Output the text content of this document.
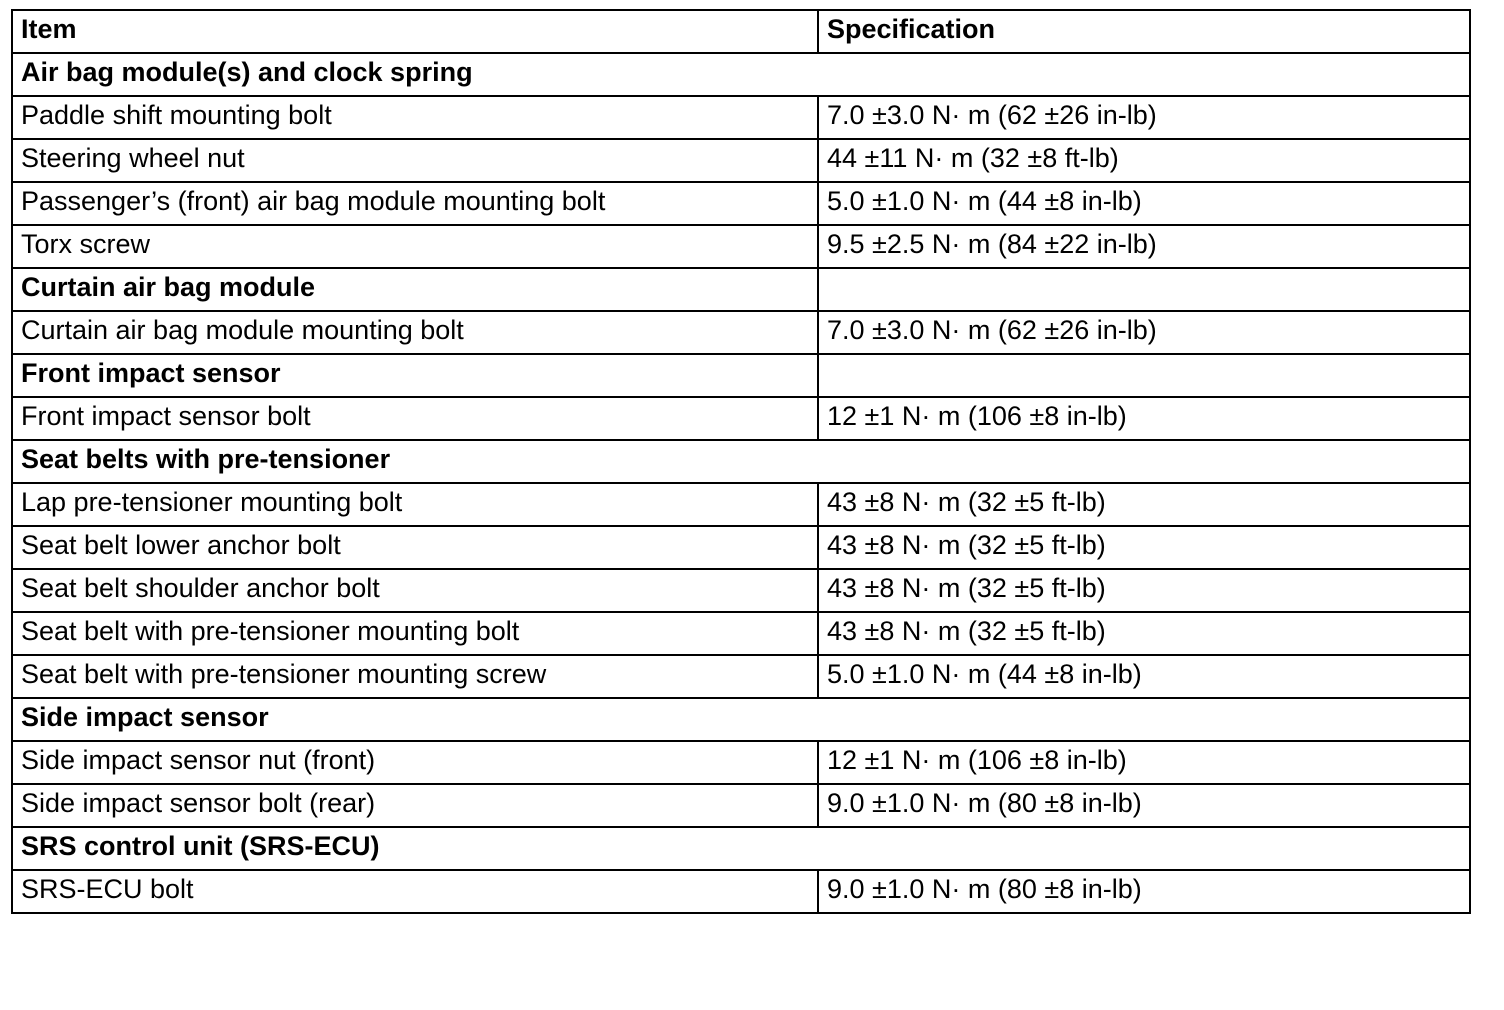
Item	Specification
Air bag module(s) and clock spring	
Paddle shift mounting bolt	7.0 ±3.0 N· m (62 ±26 in-lb)
Steering wheel nut	44 ±11 N· m (32 ±8 ft-lb)
Passenger’s (front) air bag module mounting bolt	5.0 ±1.0 N· m (44 ±8 in-lb)
Torx screw	9.5 ±2.5 N· m (84 ±22 in-lb)
Curtain air bag module	
Curtain air bag module mounting bolt	7.0 ±3.0 N· m (62 ±26 in-lb)
Front impact sensor	
Front impact sensor bolt	12 ±1 N· m (106 ±8 in-lb)
Seat belts with pre-tensioner	
Lap pre-tensioner mounting bolt	43 ±8 N· m (32 ±5 ft-lb)
Seat belt lower anchor bolt	43 ±8 N· m (32 ±5 ft-lb)
Seat belt shoulder anchor bolt	43 ±8 N· m (32 ±5 ft-lb)
Seat belt with pre-tensioner mounting bolt	43 ±8 N· m (32 ±5 ft-lb)
Seat belt with pre-tensioner mounting screw	5.0 ±1.0 N· m (44 ±8 in-lb)
Side impact sensor	
Side impact sensor nut (front)	12 ±1 N· m (106 ±8 in-lb)
Side impact sensor bolt (rear)	9.0 ±1.0 N· m (80 ±8 in-lb)
SRS control unit (SRS-ECU)	
SRS-ECU bolt	9.0 ±1.0 N· m (80 ±8 in-lb)
